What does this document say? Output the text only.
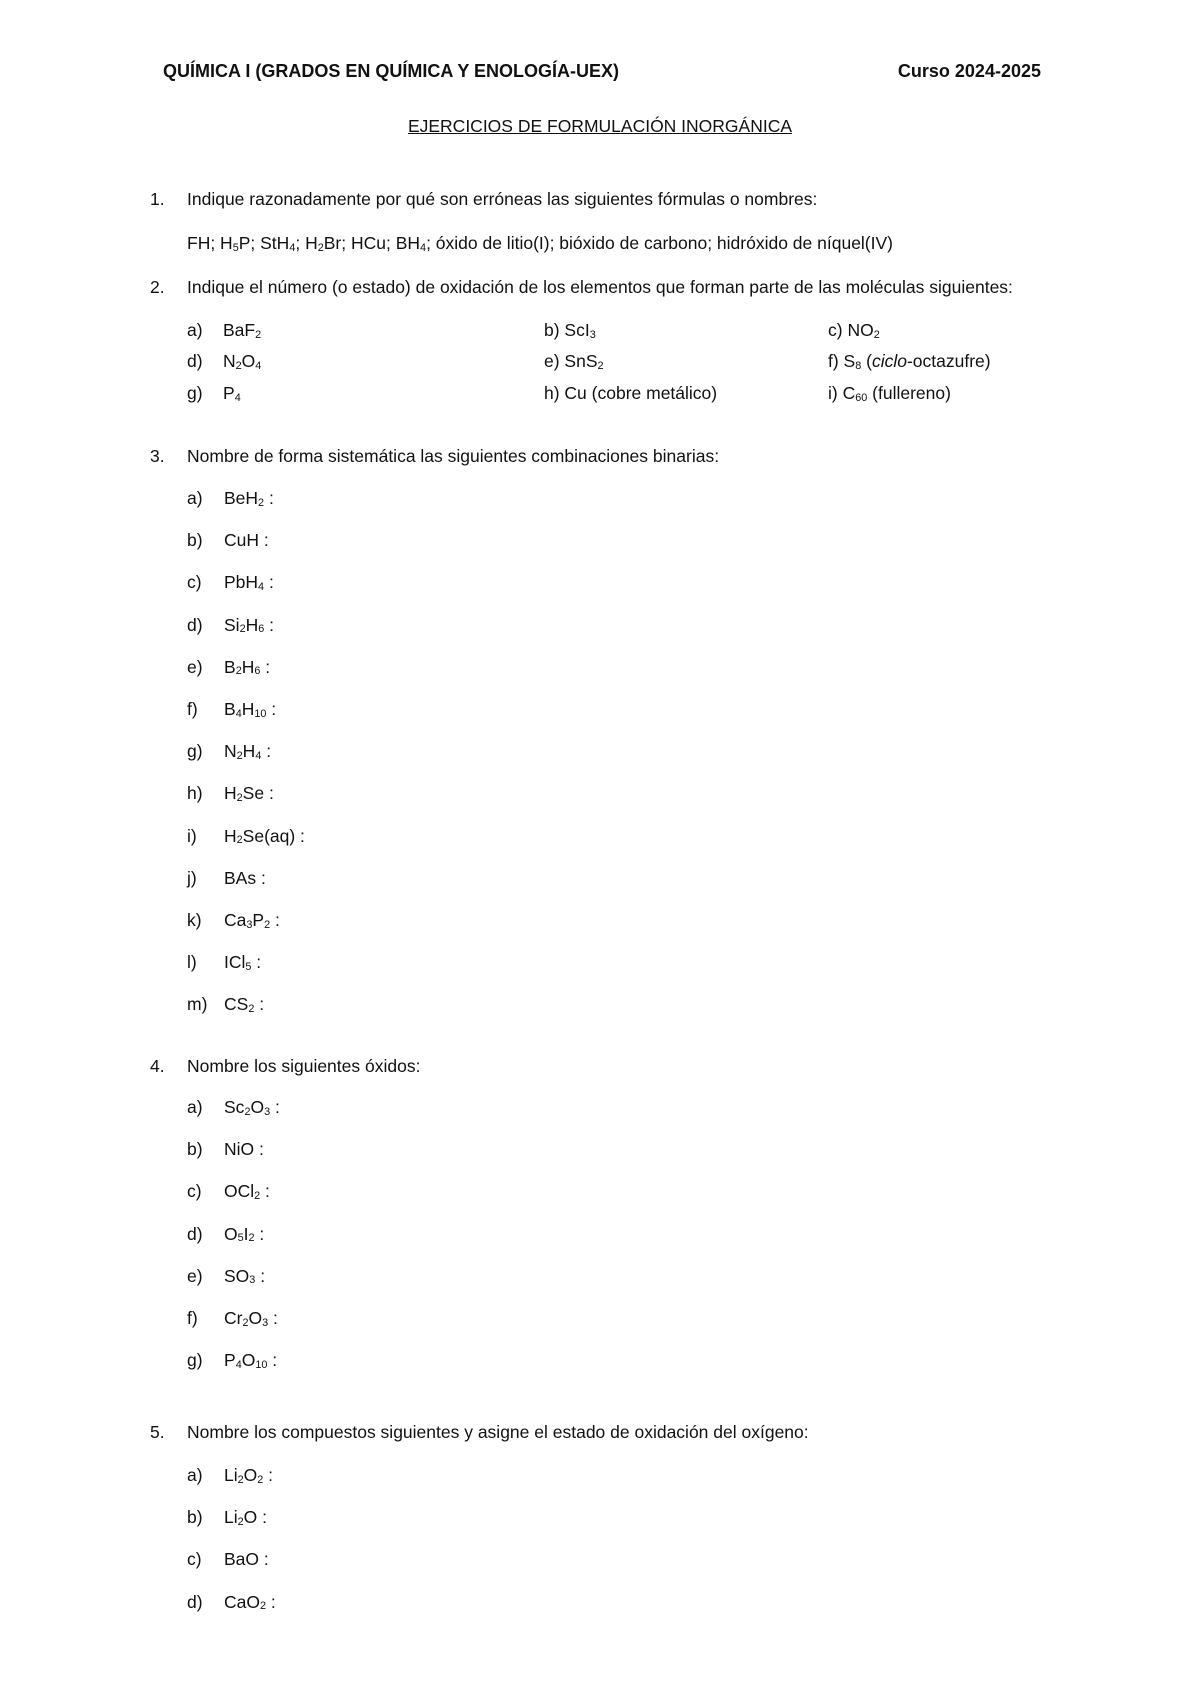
QUÍMICA I (GRADOS EN QUÍMICA Y ENOLOGÍA-UEX)	Curso 2024-2025
EJERCICIOS DE FORMULACIÓN INORGÁNICA
1. Indique razonadamente por qué son erróneas las siguientes fórmulas o nombres:
FH; $H_5P$; StH$_4$; $H_2Br$; HCu; $BH_4$; óxido de litio(I); bióxido de carbono; hidróxido de níquel(IV)
2. Indique el número (o estado) de oxidación de los elementos que forman parte de las moléculas siguientes:
a) BaF$_2$	b) ScI$_3$	c) $NO_2$
d) $N_2O_4$	e) SnS$_2$	f) $S_8$ (ciclo-octazufre)
g) $P_4$	h) Cu (cobre metálico)	i) $C_{60}$ (fullereno)
3. Nombre de forma sistemática las siguientes combinaciones binarias:
a) BeH$_2$ :
b) CuH :
c) PbH$_4$ :
d) $Si_2H_6$ :
e) $B_2H_6$ :
f) $B_4H_{10}$ :
g) $N_2H_4$ :
h) $H_2Se$ :
i) $H_2Se(aq)$ :
j) BAs :
k) $Ca_3P_2$ :
l) ICl$_5$ :
m) $CS_2$ :
4. Nombre los siguientes óxidos:
a) $Sc_2O_3$ :
b) NiO :
c) OCl$_2$ :
d) $O_5I_2$ :
e) $SO_3$ :
f) $Cr_2O_3$ :
g) $P_4O_{10}$ :
5. Nombre los compuestos siguientes y asigne el estado de oxidación del oxígeno:
a) $Li_2O_2$ :
b) $Li_2O$ :
c) BaO :
d) CaO$_2$ :
